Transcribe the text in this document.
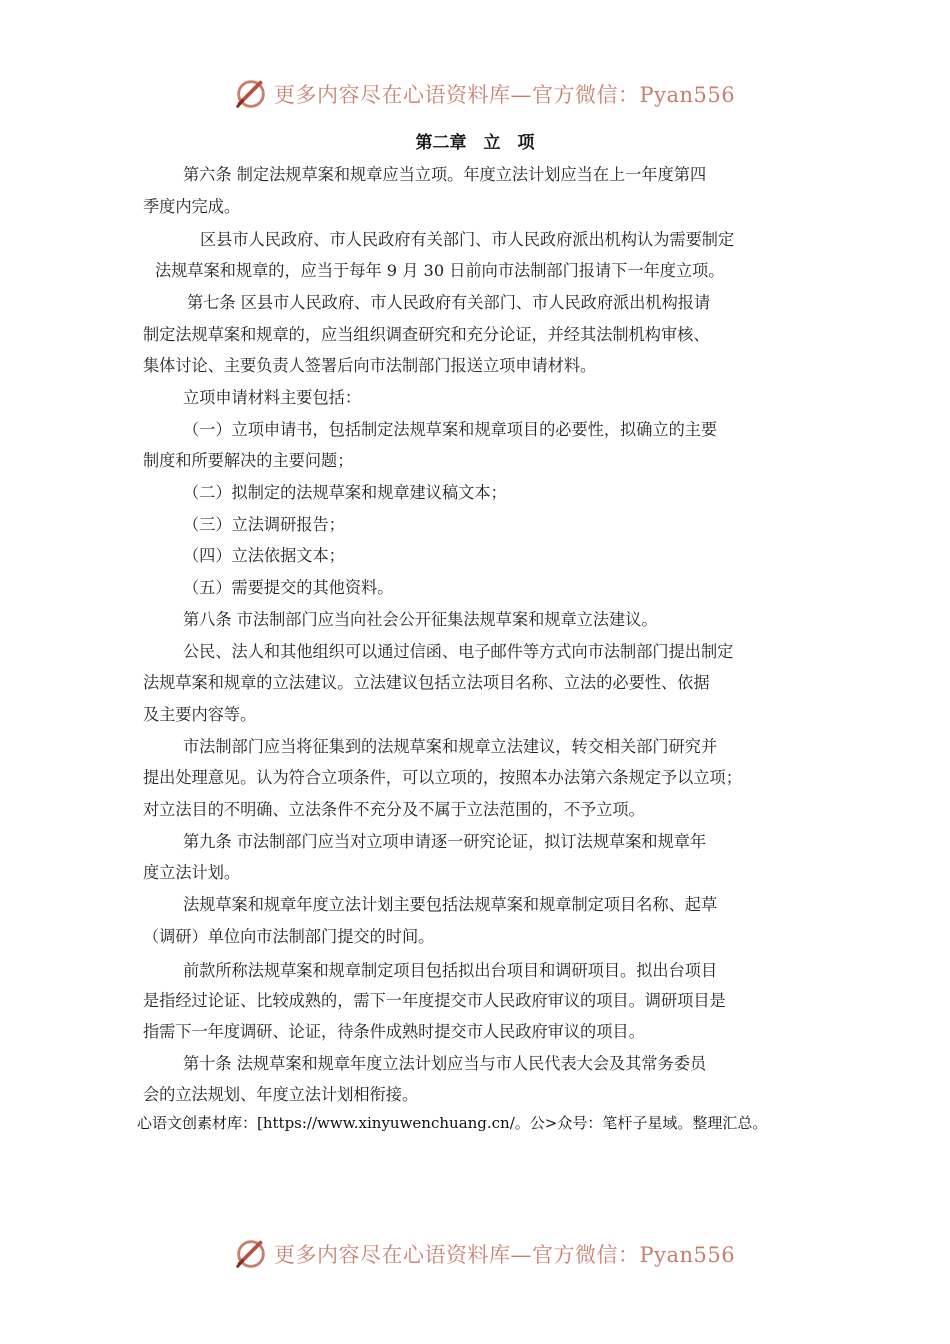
更多内容尽在心语资料库—官方微信：Pyan556
第二章　立　项
第六条 制定法规草案和规章应当立项。年度立法计划应当在上一年度第四
季度内完成。
区县市人民政府、市人民政府有关部门、市人民政府派出机构认为需要制定
法规草案和规章的，应当于每年 9 月 30 日前向市法制部门报请下一年度立项。
第七条 区县市人民政府、市人民政府有关部门、市人民政府派出机构报请
制定法规草案和规章的，应当组织调查研究和充分论证，并经其法制机构审核、
集体讨论、主要负责人签署后向市法制部门报送立项申请材料。
立项申请材料主要包括：
（一）立项申请书，包括制定法规草案和规章项目的必要性，拟确立的主要
制度和所要解决的主要问题；
（二）拟制定的法规草案和规章建议稿文本；
（三）立法调研报告；
（四）立法依据文本；
（五）需要提交的其他资料。
第八条 市法制部门应当向社会公开征集法规草案和规章立法建议。
公民、法人和其他组织可以通过信函、电子邮件等方式向市法制部门提出制定
法规草案和规章的立法建议。立法建议包括立法项目名称、立法的必要性、依据
及主要内容等。
市法制部门应当将征集到的法规草案和规章立法建议，转交相关部门研究并
提出处理意见。认为符合立项条件，可以立项的，按照本办法第六条规定予以立项；
对立法目的不明确、立法条件不充分及不属于立法范围的，不予立项。
第九条 市法制部门应当对立项申请逐一研究论证，拟订法规草案和规章年
度立法计划。
法规草案和规章年度立法计划主要包括法规草案和规章制定项目名称、起草
（调研）单位向市法制部门提交的时间。
前款所称法规草案和规章制定项目包括拟出台项目和调研项目。拟出台项目
是指经过论证、比较成熟的，需下一年度提交市人民政府审议的项目。调研项目是
指需下一年度调研、论证，待条件成熟时提交市人民政府审议的项目。
第十条 法规草案和规章年度立法计划应当与市人民代表大会及其常务委员
会的立法规划、年度立法计划相衔接。
心语文创素材库：[https://www.xinyuwenchuang.cn/。公>众号：笔杆子星域。整理汇总。
更多内容尽在心语资料库—官方微信：Pyan556
